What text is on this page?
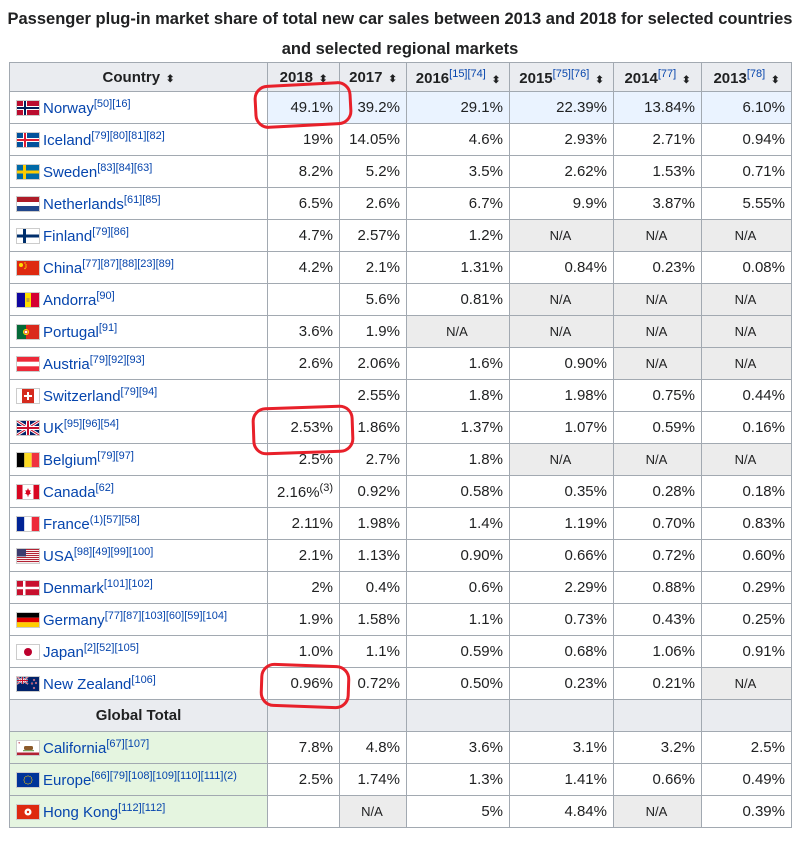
Passenger plug-in market share of total new car sales between 2013 and 2018 for selected countries and selected regional markets
Country ⬍	2018 ⬍	2017 ⬍	2016[15][74]⬍	2015[75][76]⬍	2014[77]⬍	2013[78]⬍
Norway[50][16]	49.1%	39.2%	29.1%	22.39%	13.84%	6.10%
Iceland[79][80][81][82]	19%	14.05%	4.6%	2.93%	2.71%	0.94%
Sweden[83][84][63]	8.2%	5.2%	3.5%	2.62%	1.53%	0.71%
Netherlands[61][85]	6.5%	2.6%	6.7%	9.9%	3.87%	5.55%
Finland[79][86]	4.7%	2.57%	1.2%	N/A	N/A	N/A
China[77][87][88][23][89]	4.2%	2.1%	1.31%	0.84%	0.23%	0.08%
Andorra[90]		5.6%	0.81%	N/A	N/A	N/A
Portugal[91]	3.6%	1.9%	N/A	N/A	N/A	N/A
Austria[79][92][93]	2.6%	2.06%	1.6%	0.90%	N/A	N/A
Switzerland[79][94]		2.55%	1.8%	1.98%	0.75%	0.44%
UK[95][96][54]	2.53%	1.86%	1.37%	1.07%	0.59%	0.16%
Belgium[79][97]	2.5%	2.7%	1.8%	N/A	N/A	N/A
Canada[62]	2.16%$^{(3)}$	0.92%	0.58%	0.35%	0.28%	0.18%
France$^{(1)[57][58]}$	2.11%	1.98%	1.4%	1.19%	0.70%	0.83%
USA[98][49][99][100]	2.1%	1.13%	0.90%	0.66%	0.72%	0.60%
Denmark[101][102]	2%	0.4%	0.6%	2.29%	0.88%	0.29%
Germany[77][87][103][60][59][104]	1.9%	1.58%	1.1%	0.73%	0.43%	0.25%
Japan[2][52][105]	1.0%	1.1%	0.59%	0.68%	1.06%	0.91%
New Zealand[106]	0.96%	0.72%	0.50%	0.23%	0.21%	N/A
Global Total						
California[67][107]	7.8%	4.8%	3.6%	3.1%	3.2%	2.5%
Europe$^{[66][79][108][109][110][111](2)}$	2.5%	1.74%	1.3%	1.41%	0.66%	0.49%
Hong Kong[112][112]		N/A	5%	4.84%	N/A	0.39%
